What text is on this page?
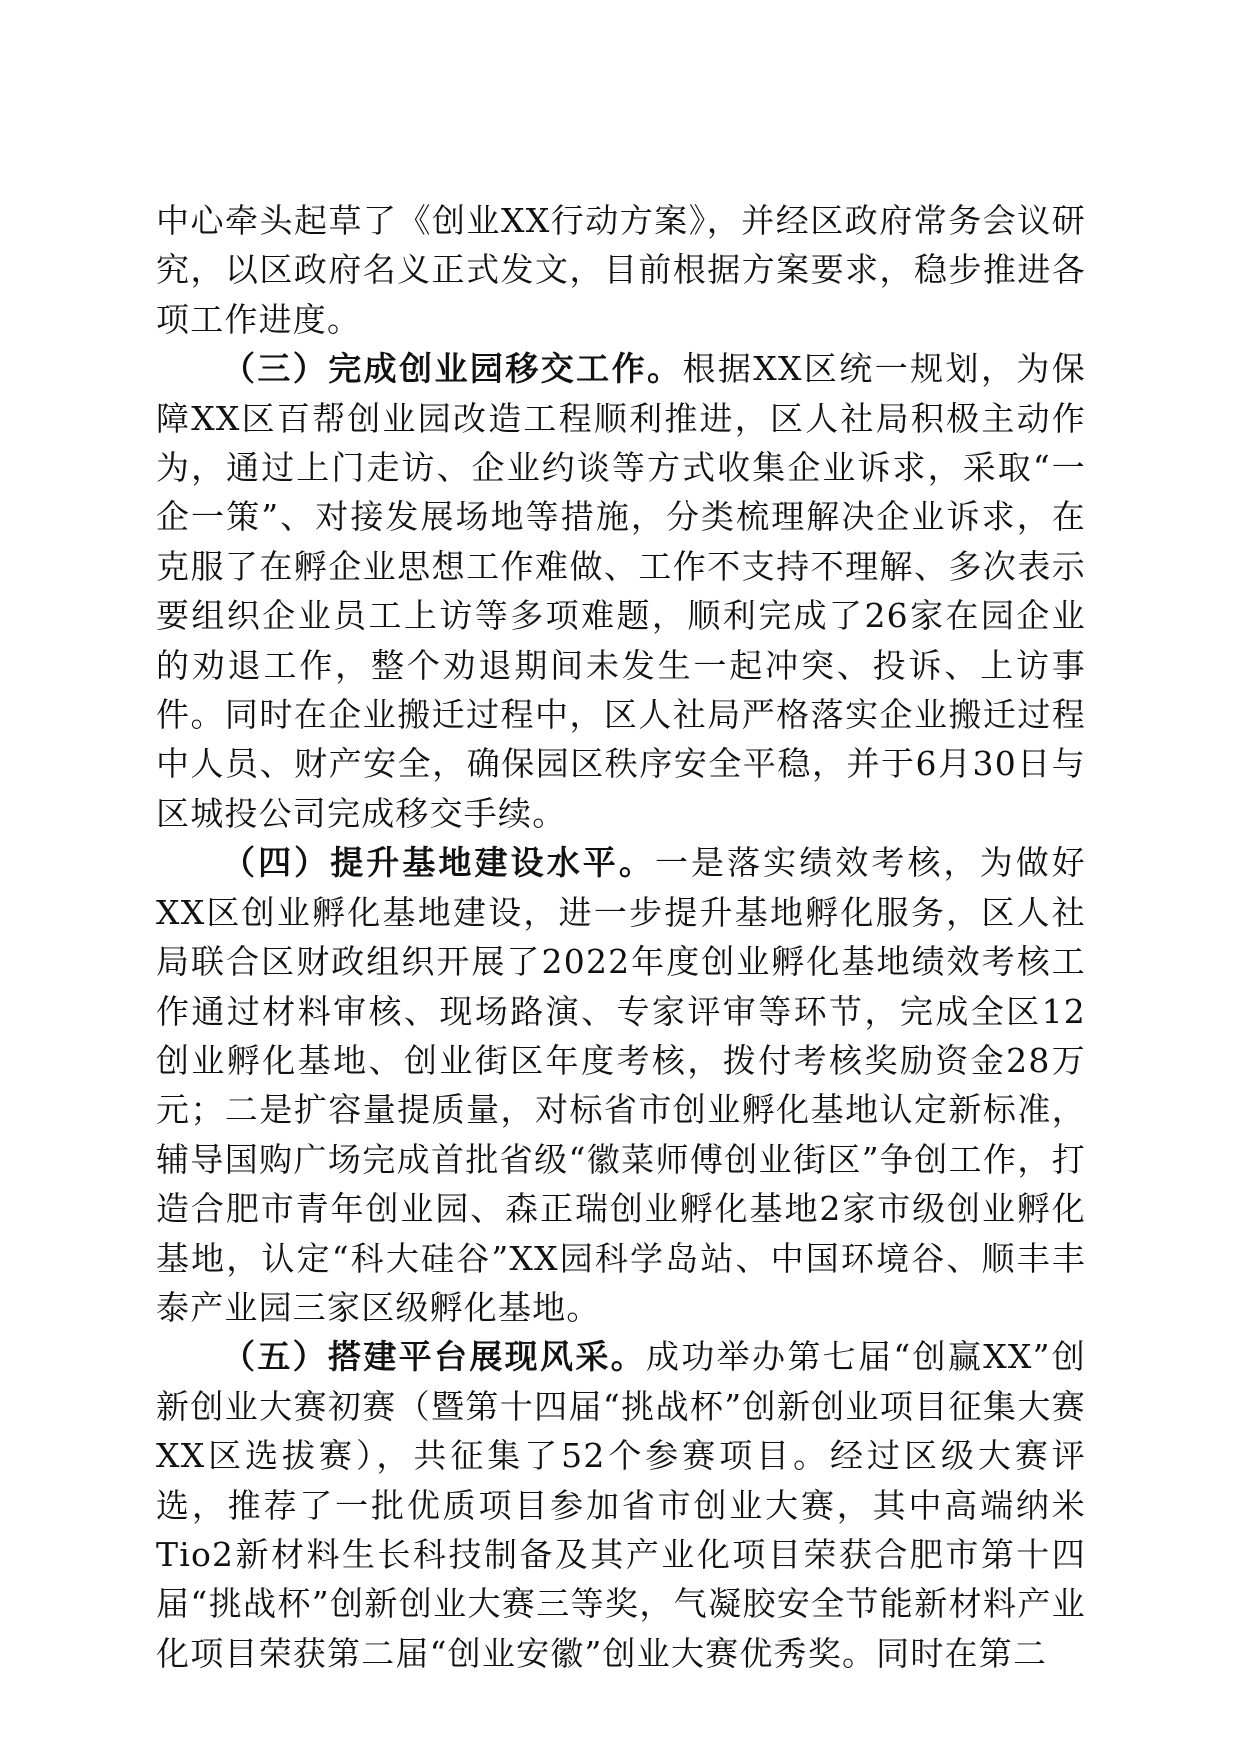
中心牵头起草了《创业XX行动方案》，并经区政府常务会议研究，以区政府名义正式发文，目前根据方案要求，稳步推进各项工作进度。

（三）完成创业园移交工作。根据XX区统一规划，为保障XX区百帮创业园改造工程顺利推进，区人社局积极主动作为，通过上门走访、企业约谈等方式收集企业诉求，采取“一企一策”、对接发展场地等措施，分类梳理解决企业诉求，在克服了在孵企业思想工作难做、工作不支持不理解、多次表示要组织企业员工上访等多项难题，顺利完成了26家在园企业的劝退工作，整个劝退期间未发生一起冲突、投诉、上访事件。同时在企业搬迁过程中，区人社局严格落实企业搬迁过程中人员、财产安全，确保园区秩序安全平稳，并于6月30日与区城投公司完成移交手续。

（四）提升基地建设水平。一是落实绩效考核，为做好XX区创业孵化基地建设，进一步提升基地孵化服务，区人社局联合区财政组织开展了2022年度创业孵化基地绩效考核工作通过材料审核、现场路演、专家评审等环节，完成全区12创业孵化基地、创业街区年度考核，拨付考核奖励资金28万元；二是扩容量提质量，对标省市创业孵化基地认定新标准，辅导国购广场完成首批省级“徽菜师傅创业街区”争创工作，打造合肥市青年创业园、森正瑞创业孵化基地2家市级创业孵化基地，认定“科大硅谷”XX园科学岛站、中国环境谷、顺丰丰泰产业园三家区级孵化基地。

（五）搭建平台展现风采。成功举办第七届“创赢XX”创新创业大赛初赛（暨第十四届“挑战杯”创新创业项目征集大赛XX区选拔赛），共征集了52个参赛项目。经过区级大赛评选，推荐了一批优质项目参加省市创业大赛，其中高端纳米Tio2新材料生长科技制备及其产业化项目荣获合肥市第十四届“挑战杯”创新创业大赛三等奖，气凝胶安全节能新材料产业化项目荣获第二届“创业安徽”创业大赛优秀奖。同时在第二
